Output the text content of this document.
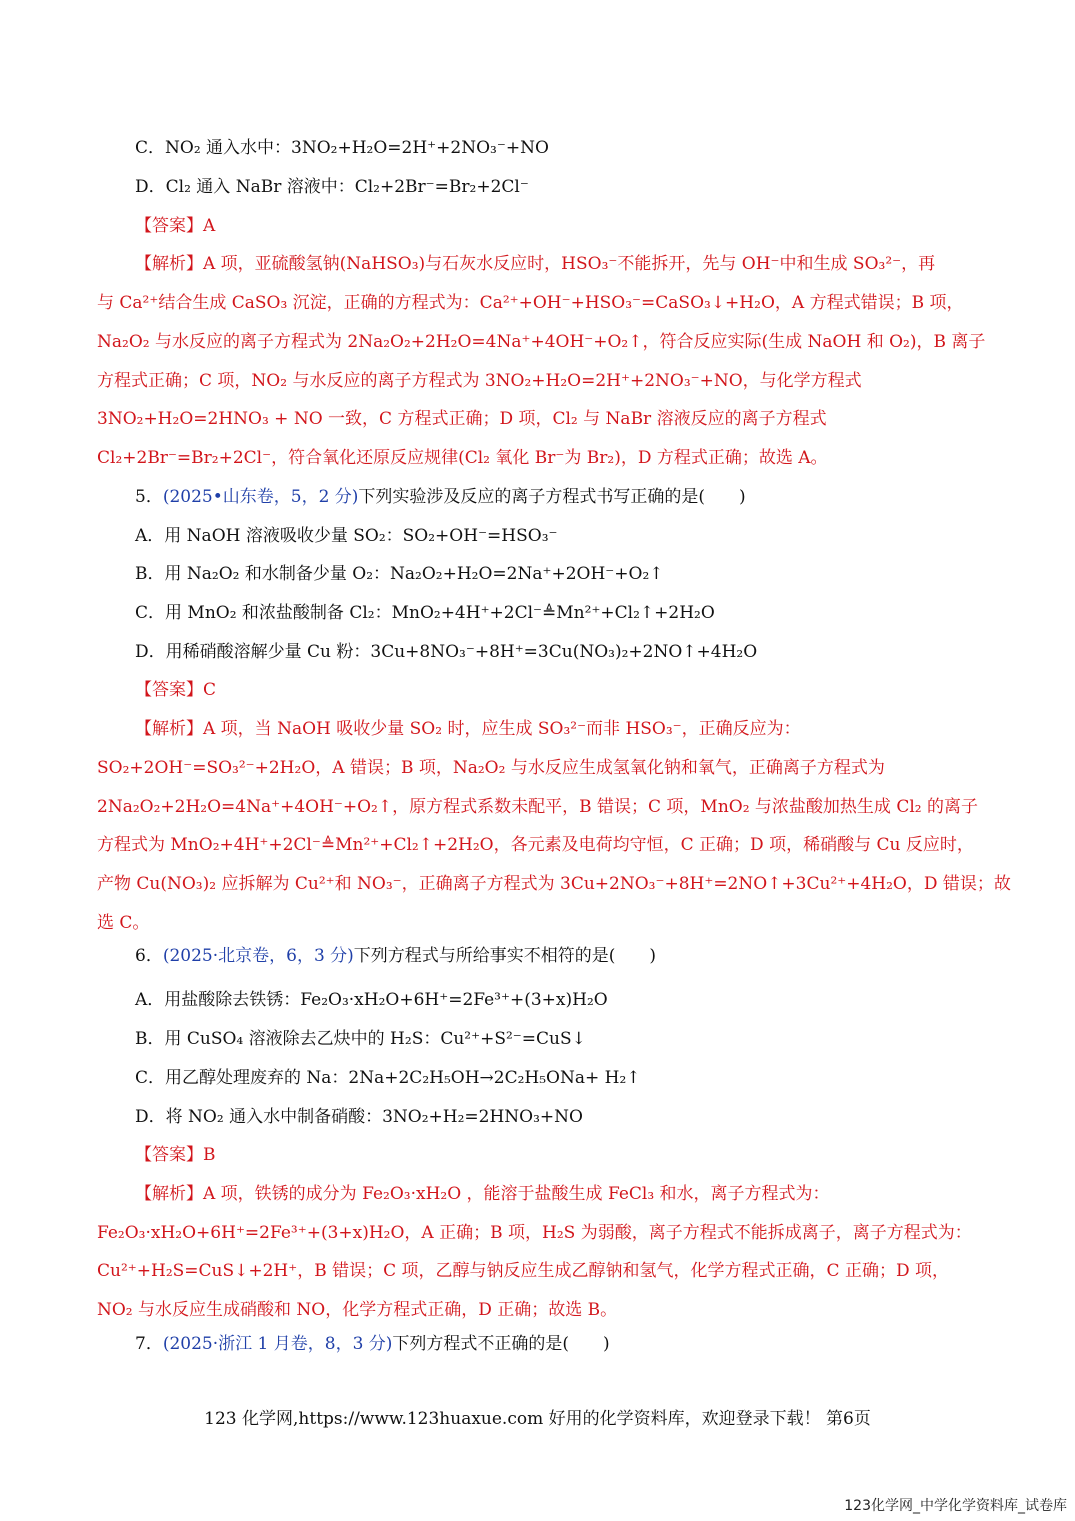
C．NO₂ 通入水中：3NO₂+H₂O=2H⁺+2NO₃⁻+NO
D．Cl₂ 通入 NaBr 溶液中：Cl₂+2Br⁻=Br₂+2Cl⁻
【答案】A
【解析】A 项，亚硫酸氢钠(NaHSO₃)与石灰水反应时，HSO₃⁻不能拆开，先与 OH⁻中和生成 SO₃²⁻，再
与 Ca²⁺结合生成 CaSO₃ 沉淀，正确的方程式为：Ca²⁺+OH⁻+HSO₃⁻=CaSO₃↓+H₂O，A 方程式错误；B 项，
Na₂O₂ 与水反应的离子方程式为 2Na₂O₂+2H₂O=4Na⁺+4OH⁻+O₂↑，符合反应实际(生成 NaOH 和 O₂)，B 离子
方程式正确；C 项，NO₂ 与水反应的离子方程式为 3NO₂+H₂O=2H⁺+2NO₃⁻+NO，与化学方程式
3NO₂+H₂O=2HNO₃ + NO 一致，C 方程式正确；D 项，Cl₂ 与 NaBr 溶液反应的离子方程式
Cl₂+2Br⁻=Br₂+2Cl⁻，符合氧化还原反应规律(Cl₂ 氧化 Br⁻为 Br₂)，D 方程式正确；故选 A。
5．(2025•山东卷，5，2 分)下列实验涉及反应的离子方程式书写正确的是(　　)
A．用 NaOH 溶液吸收少量 SO₂：SO₂+OH⁻=HSO₃⁻
B．用 Na₂O₂ 和水制备少量 O₂：Na₂O₂+H₂O=2Na⁺+2OH⁻+O₂↑
C．用 MnO₂ 和浓盐酸制备 Cl₂：MnO₂+4H⁺+2Cl⁻≜Mn²⁺+Cl₂↑+2H₂O
D．用稀硝酸溶解少量 Cu 粉：3Cu+8NO₃⁻+8H⁺=3Cu(NO₃)₂+2NO↑+4H₂O
【答案】C
【解析】A 项，当 NaOH 吸收少量 SO₂ 时，应生成 SO₃²⁻而非 HSO₃⁻，正确反应为：
SO₂+2OH⁻=SO₃²⁻+2H₂O，A 错误；B 项，Na₂O₂ 与水反应生成氢氧化钠和氧气，正确离子方程式为
2Na₂O₂+2H₂O=4Na⁺+4OH⁻+O₂↑，原方程式系数未配平，B 错误；C 项，MnO₂ 与浓盐酸加热生成 Cl₂ 的离子
方程式为 MnO₂+4H⁺+2Cl⁻≜Mn²⁺+Cl₂↑+2H₂O，各元素及电荷均守恒，C 正确；D 项，稀硝酸与 Cu 反应时，
产物 Cu(NO₃)₂ 应拆解为 Cu²⁺和 NO₃⁻，正确离子方程式为 3Cu+2NO₃⁻+8H⁺=2NO↑+3Cu²⁺+4H₂O，D 错误；故
选 C。
6．(2025·北京卷，6，3 分)下列方程式与所给事实不相符的是(　　)
A．用盐酸除去铁锈：Fe₂O₃·xH₂O+6H⁺=2Fe³⁺+(3+x)H₂O
B．用 CuSO₄ 溶液除去乙炔中的 H₂S：Cu²⁺+S²⁻=CuS↓
C．用乙醇处理废弃的 Na：2Na+2C₂H₅OH→2C₂H₅ONa+ H₂↑
D．将 NO₂ 通入水中制备硝酸：3NO₂+H₂=2HNO₃+NO
【答案】B
【解析】A 项，铁锈的成分为 Fe₂O₃·xH₂O ，能溶于盐酸生成 FeCl₃ 和水，离子方程式为：
Fe₂O₃·xH₂O+6H⁺=2Fe³⁺+(3+x)H₂O，A 正确；B 项，H₂S 为弱酸，离子方程式不能拆成离子，离子方程式为：
Cu²⁺+H₂S=CuS↓+2H⁺，B 错误；C 项，乙醇与钠反应生成乙醇钠和氢气，化学方程式正确，C 正确；D 项，
NO₂ 与水反应生成硝酸和 NO，化学方程式正确，D 正确；故选 B。
7．(2025·浙江 1 月卷，8，3 分)下列方程式不正确的是(　　)
123 化学网,https://www.123huaxue.com 好用的化学资料库，欢迎登录下载！ 第6页
123化学网_中学化学资料库_试卷库
